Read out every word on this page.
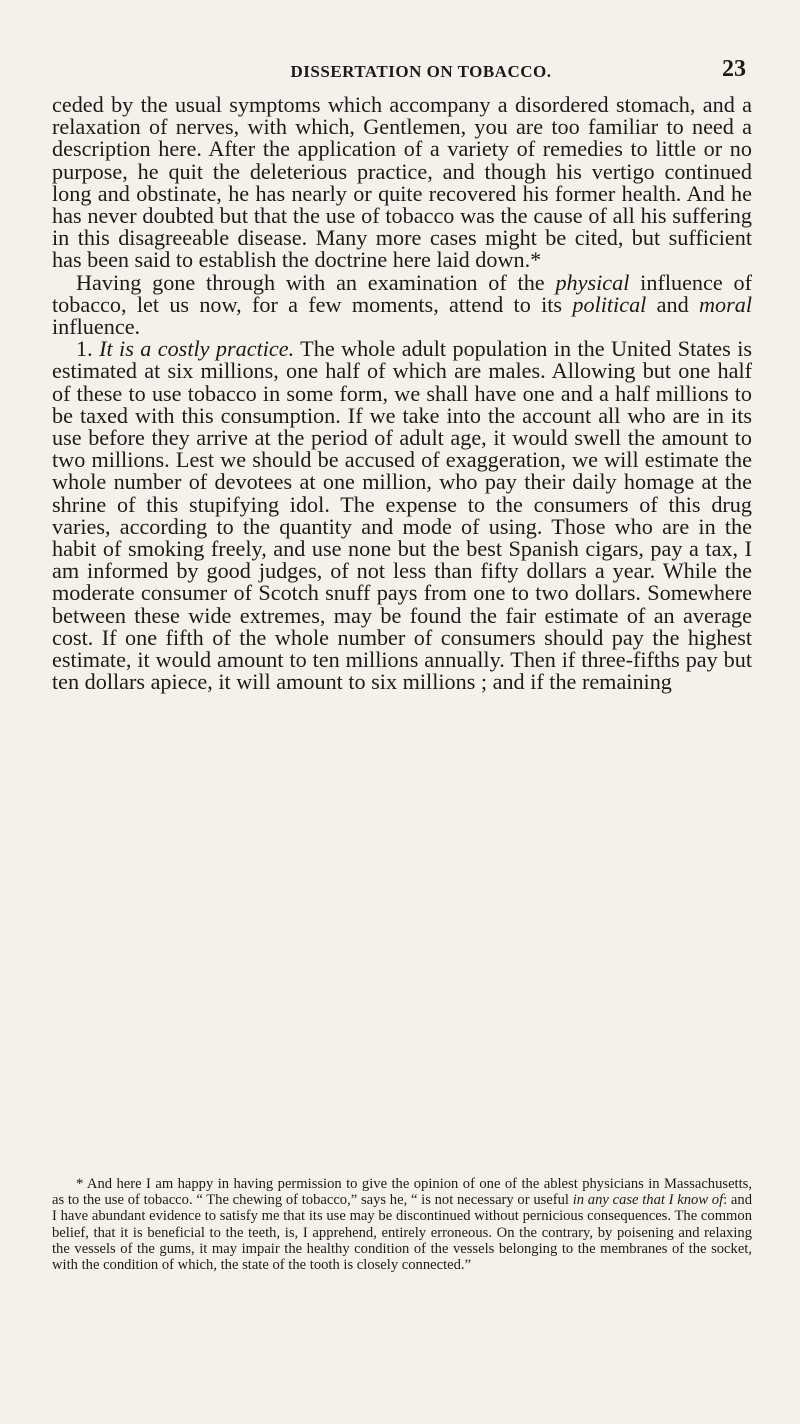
DISSERTATION ON TOBACCO.	23

ceded by the usual symptoms which accompany a disordered stomach, and a relaxation of nerves, with which, Gentlemen, you are too familiar to need a description here. After the application of a variety of remedies to little or no purpose, he quit the deleterious practice, and though his vertigo continued long and obstinate, he has nearly or quite recovered his former health. And he has never doubted but that the use of tobacco was the cause of all his suffering in this disagreeable disease. Many more cases might be cited, but sufficient has been said to establish the doctrine here laid down.*

Having gone through with an examination of the physical influence of tobacco, let us now, for a few moments, attend to its political and moral influence.

1. It is a costly practice. The whole adult population in the United States is estimated at six millions, one half of which are males. Allowing but one half of these to use tobacco in some form, we shall have one and a half millions to be taxed with this consumption. If we take into the account all who are in its use before they arrive at the period of adult age, it would swell the amount to two millions. Lest we should be accused of exaggeration, we will estimate the whole number of devotees at one million, who pay their daily homage at the shrine of this stupifying idol. The expense to the consumers of this drug varies, according to the quantity and mode of using. Those who are in the habit of smoking freely, and use none but the best Spanish cigars, pay a tax, I am informed by good judges, of not less than fifty dollars a year. While the moderate consumer of Scotch snuff pays from one to two dollars. Somewhere between these wide extremes, may be found the fair estimate of an average cost. If one fifth of the whole number of consumers should pay the highest estimate, it would amount to ten millions annually. Then if three-fifths pay but ten dollars apiece, it will amount to six millions ; and if the remaining

* And here I am happy in having permission to give the opinion of one of the ablest physicians in Massachusetts, as to the use of tobacco. “ The chewing of tobacco,” says he, “ is not necessary or useful in any case that I know of: and I have abundant evidence to satisfy me that its use may be discontinued without pernicious consequences. The common belief, that it is beneficial to the teeth, is, I apprehend, entirely erroneous. On the contrary, by poisening and relaxing the vessels of the gums, it may impair the healthy condition of the vessels belonging to the membranes of the socket, with the condition of which, the state of the tooth is closely connected.”
